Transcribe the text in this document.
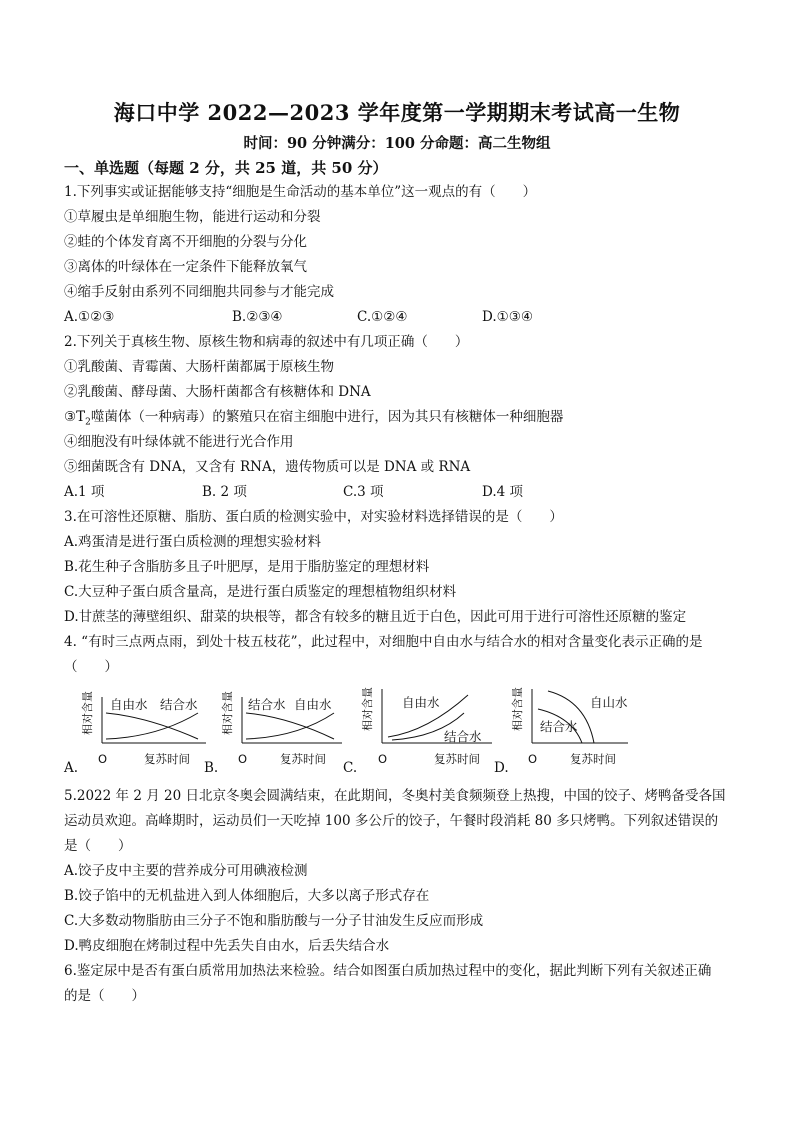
海口中学 2022—2023 学年度第一学期期末考试高一生物
时间：90 分钟满分：100 分命题：高二生物组
一、单选题（每题 2 分，共 25 道，共 50 分）
1.下列事实或证据能够支持“细胞是生命活动的基本单位”这一观点的有（　　）
①草履虫是单细胞生物，能进行运动和分裂
②蛙的个体发育离不开细胞的分裂与分化
③离体的叶绿体在一定条件下能释放氧气
④缩手反射由系列不同细胞共同参与才能完成
A.①②③	B.②③④	C.①②④	D.①③④
2.下列关于真核生物、原核生物和病毒的叙述中有几项正确（　　）
①乳酸菌、青霉菌、大肠杆菌都属于原核生物
②乳酸菌、酵母菌、大肠杆菌都含有核糖体和 DNA
$③T_2$噬菌体（一种病毒）的繁殖只在宿主细胞中进行，因为其只有核糖体一种细胞器
④细胞没有叶绿体就不能进行光合作用
⑤细菌既含有 DNA，又含有 RNA，遗传物质可以是 DNA 或 RNA
A.1 项	B. 2 项	C.3 项	D.4 项
3.在可溶性还原糖、脂肪、蛋白质的检测实验中，对实验材料选择错误的是（　　）
A.鸡蛋清是进行蛋白质检测的理想实验材料
B.花生种子含脂肪多且子叶肥厚，是用于脂肪鉴定的理想材料
C.大豆种子蛋白质含量高，是进行蛋白质鉴定的理想植物组织材料
D.甘蔗茎的薄壁组织、甜菜的块根等，都含有较多的糖且近于白色，因此可用于进行可溶性还原糖的鉴定
4. “有时三点两点雨，到处十枝五枝花”，此过程中，对细胞中自由水与结合水的相对含量变化表示正确的是
（　　）
A.
相对含量
O	复苏时间
自由水 结合水
B.
相对含量
O	复苏时间
结合水 自由水
C.
相对含量
O	复苏时间
自由水
结合水
D.
相对含量
O	复苏时间
自山水
结合水
5.2022 年 2 月 20 日北京冬奥会圆满结束，在此期间，冬奥村美食频频登上热搜，中国的饺子、烤鸭备受各国
运动员欢迎。高峰期时，运动员们一天吃掉 100 多公斤的饺子，午餐时段消耗 80 多只烤鸭。下列叙述错误的
是（　　）
A.饺子皮中主要的营养成分可用碘液检测
B.饺子馅中的无机盐进入到人体细胞后，大多以离子形式存在
C.大多数动物脂肪由三分子不饱和脂肪酸与一分子甘油发生反应而形成
D.鸭皮细胞在烤制过程中先丢失自由水，后丢失结合水
6.鉴定尿中是否有蛋白质常用加热法来检验。结合如图蛋白质加热过程中的变化，据此判断下列有关叙述正确
的是（　　）
